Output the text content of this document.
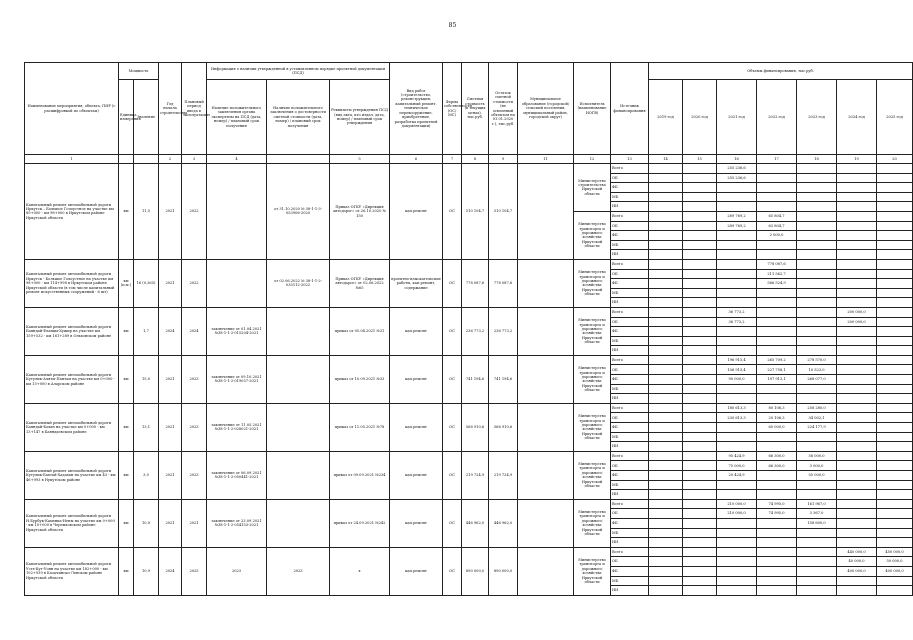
85
Наименование мероприятия, объекта, ПИР (с расшифровкой по объектам)	Мощность		Год начала строительства	Плановый период ввода в эксплуатацию	Информация о наличии утвержденной в установленном порядке проектной документации (ПСД)			Вид работ (строительство, реконструкция, капитальный ремонт, техническое перевооружение, приобретение, разработка проектной документации)	Форма собственности (ОС/МС)	Сметная стоимость (в текущих ценах), тыс.руб.	Остаток сметной стоимости (не освоенный объектом на 01.01.2020 г.), тыс.руб.	Муниципальное образование (городской/сельский поселения, муниципальный район, городской округ)	Исполнитель (наименование ИОГВ)	Источник финансирования	Объемы финансирования, тыс.руб.						
	Единица измерения	Значение			Наличие положительного заключения органа экспертизы на ПСД (дата, номер) / плановый срок получения	Наличие положительного заключения о достоверности сметной стоимости (дата, номер) / плановый срок получения	Реквизиты утверждения ПСД (вид акта, кто издал, дата, номер) / плановый срок утверждения								2019 год	2020 год	2021 год	2022 год	2023 год	2024 год	2025 год
1			2	3	4		5	6	7	8	9	11	12	13	14	15	16	17	18	19	20
Капитальный ремонт автомобильной дороги Иркутск – Большое Голоустное на участке км 89+000 - км 98+000 в Иркутском районе Иркутской области	км	11,5	2021	2022		от 31.10.2020 № 38-1-1-3-053906-2020	Приказ ОГКУ «Дирекция автодорог» от 26.10.2020 № 150	кап.ремонт	ОС	510 104,7	510 104,7		Министерство строительства Иркутской области	Всего			255 236,6				
														ОБ			255 236,6				
														ФБ							
														МБ							
														ИИ							
													Министерство транспорта и дорожного хозяйства Иркутской области	Всего			289 769,2	65 804,7			
														ОБ			289 769,2	63 804,7			
														ФБ				2 000,0			
														МБ							
														ИИ							
Капитальный ремонт автомобильной дороги Иркутск - Большое Голоустное на участке км 98+000 - км 114+998 в Иркутском районе Иркутской области (в том числе капитальный ремонт искусственных сооружений - 6 шт)	км (п.м.)	16 (0,365)	2021	2022		от 02.06.2022 № 38-1-1-2-035112-2022	Приказ ОГКУ «Дирекция автодорог» от 02.06.2022 №65	проектно-изыскательские работы, кап.ремонт, содержание	ОС	778 087,6	778 087,6		Министерство транспорта и дорожного хозяйства Иркутской области	Всего				778 087,6			
														ОБ				211 562,7			
														ФБ				566 524,9			
														МБ							
														ИИ							
Капитальный ремонт автомобильной дороги Баяндай-Еланцы-Хужир на участке км 159+532 - км 161+289 в Ольхонском районе	км	1,7	2024	2024	заключение от 01.04.2021 №38-1-1-2-015204-2021		приказ от 05.04.2021 №31	кап.ремонт	ОС	236 773,2	236 773,2		Министерство транспорта и дорожного хозяйства Иркутской области	Всего			36 773,2			200 000,0	
														ОБ			36 773,2			200 000,0	
														ФБ							
														МБ							
														ИИ							
Капитальный ремонт автомобильной дороги Кутулик-Аляты-Пантам на участке км 0+000 - км 15+000 в Аларском районе	км	15,0	2021	2023	заключение от 09.10.2021 №38-1-1-2-019057-2021		приказ от 10.09.2021 №33	кап.ремонт	ОС	741 194,6	741 194,6		Министерство транспорта и дорожного хозяйства Иркутской области	Всего			196 915,4	265 709,2	278 570,0		
														ОБ			106 915,4	227 758,1	10 523,0		
														ФБ			90 000,0	197 913,1	268 077,0		
														МБ							
														ИИ							
Капитальный ремонт автомобильной дороги Баяндай-Бохан на участке км 0+000 - км 13+147 в Баяндаевском районе	км	13,1	2021	2023	заключение от 11.05.2021 №38-1-1-2-028021-2021		приказ от 11.05.2021 №78	кап.ремонт	ОС	568 910,6	568 910,6		Министерство транспорта и дорожного хозяйства Иркутской области	Всего			180 613,3	80 106,3	258 280,0		
														ОБ			230 613,3	20 106,3	34 002,1		
														ФБ				60 000,0	224 177,9		
														МБ							
														ИИ							
Капитальный ремонт автомобильной дороги Кутулик-Бахтай-Хадахан на участке км 43 - км 46+993 в Нукутском районе	км	3,0	2021	2023	заключение от 06.09.2021 №38-1-1-2-050441-2021		приказ от 09.09.2021 №234	кап.ремонт	ОС	219 724,9	219 724,9		Министерство транспорта и дорожного хозяйства Иркутской области	Всего			95 424,9	66 300,0	58 000,0		
														ОБ			75 000,0	66 300,0	3 000,0		
														ФБ			20 424,9		55 000,0		
														МБ							
														ИИ							
Капитальный ремонт автомобильной дороги Н.Бурбук-Каменка-Нены на участке км 0+000 - км 10+000 в Черемховском районе Иркутской области	км	10,0	2021	2021	заключение от 23.09.2021 №38-1-1-2-054153-2021		приказ от 24.09.2021 №242	кап.ремонт	ОС	446 962,0	446 962,0		Министерство транспорта и дорожного хозяйства Иркутской области	Всего			210 000,0	74 995,0	161 967,0		
														ОБ			210 000,0	74 995,0	3 367,0		
														ФБ					158 600,0		
														МБ							
														ИИ							
Капитальный ремонт автомобильной дороги Усть-Кут-Уоян на участке км 182+000 - км 192+939 в Казачинско-Ленском районе Иркутской области	км	10,9	2024	2025	2023	2023	х	кап.ремонт	ОС	890 000,0	890 000,0		Министерство транспорта и дорожного хозяйства Иркутской области	Всего						440 000,0	450 000,0
														ОБ						40 000,0	50 000,0
														ФБ						400 000,0	400 000,0
														МБ							
														ИИ							
